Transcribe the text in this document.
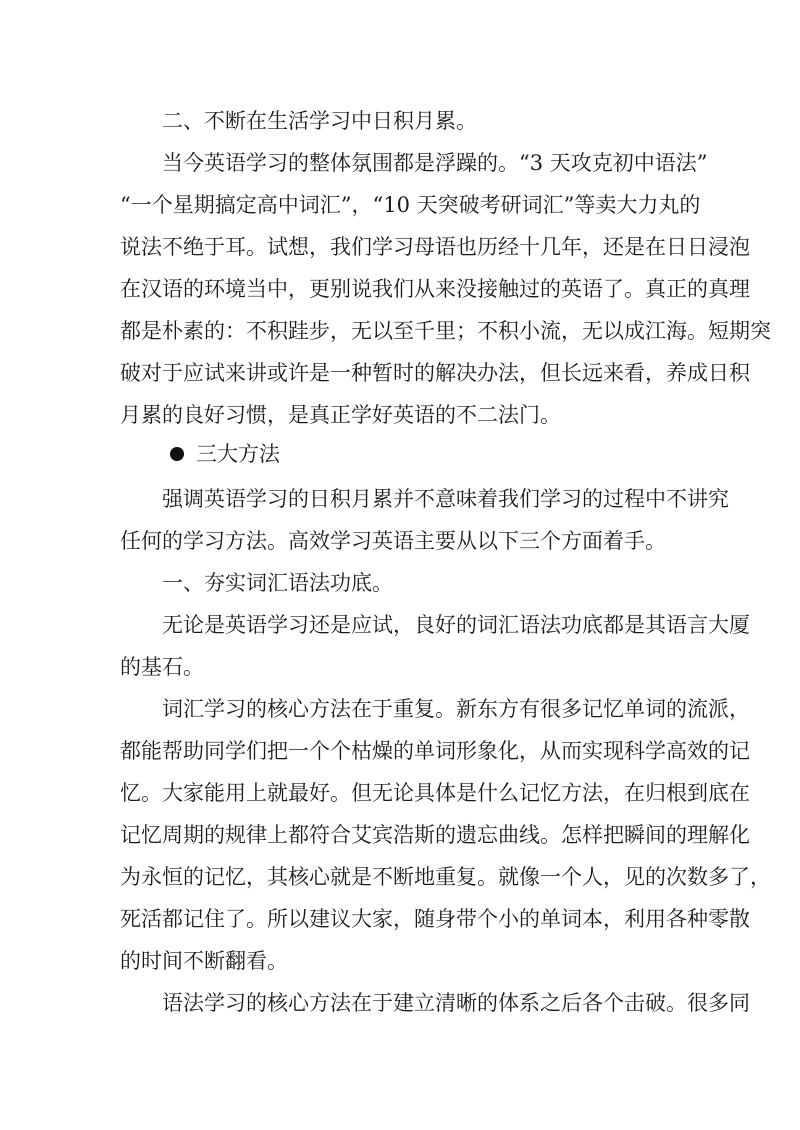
二、不断在生活学习中日积月累。
当今英语学习的整体氛围都是浮躁的。“3 天攻克初中语法”
“一个星期搞定高中词汇”，“10 天突破考研词汇”等卖大力丸的
说法不绝于耳。试想，我们学习母语也历经十几年，还是在日日浸泡
在汉语的环境当中，更别说我们从来没接触过的英语了。真正的真理
都是朴素的：不积跬步，无以至千里；不积小流，无以成江海。短期突
破对于应试来讲或许是一种暂时的解决办法，但长远来看，养成日积
月累的良好习惯，是真正学好英语的不二法门。
三大方法
强调英语学习的日积月累并不意味着我们学习的过程中不讲究
任何的学习方法。高效学习英语主要从以下三个方面着手。
一、夯实词汇语法功底。
无论是英语学习还是应试，良好的词汇语法功底都是其语言大厦
的基石。
词汇学习的核心方法在于重复。新东方有很多记忆单词的流派，
都能帮助同学们把一个个枯燥的单词形象化，从而实现科学高效的记
忆。大家能用上就最好。但无论具体是什么记忆方法，在归根到底在
记忆周期的规律上都符合艾宾浩斯的遗忘曲线。怎样把瞬间的理解化
为永恒的记忆，其核心就是不断地重复。就像一个人，见的次数多了，
死活都记住了。所以建议大家，随身带个小的单词本，利用各种零散
的时间不断翻看。
语法学习的核心方法在于建立清晰的体系之后各个击破。很多同
